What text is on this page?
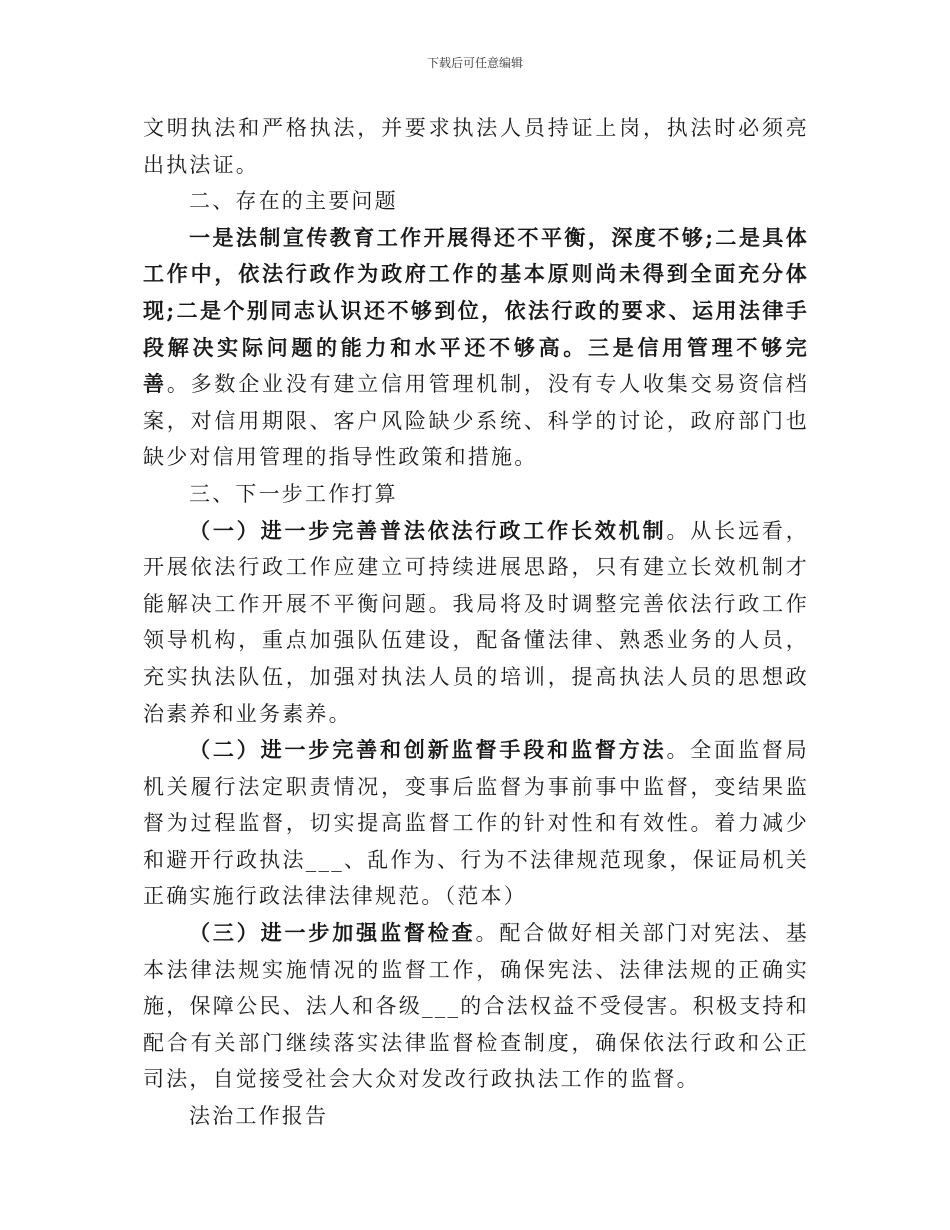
下载后可任意编辑

文明执法和严格执法，并要求执法人员持证上岗，执法时必须亮出执法证。

二、存在的主要问题

一是法制宣传教育工作开展得还不平衡，深度不够;二是具体工作中，依法行政作为政府工作的基本原则尚未得到全面充分体现;二是个别同志认识还不够到位，依法行政的要求、运用法律手段解决实际问题的能力和水平还不够高。三是信用管理不够完善。多数企业没有建立信用管理机制，没有专人收集交易资信档案，对信用期限、客户风险缺少系统、科学的讨论，政府部门也缺少对信用管理的指导性政策和措施。

三、下一步工作打算

（一）进一步完善普法依法行政工作长效机制。从长远看，开展依法行政工作应建立可持续进展思路，只有建立长效机制才能解决工作开展不平衡问题。我局将及时调整完善依法行政工作领导机构，重点加强队伍建设，配备懂法律、熟悉业务的人员，充实执法队伍，加强对执法人员的培训，提高执法人员的思想政治素养和业务素养。

（二）进一步完善和创新监督手段和监督方法。全面监督局机关履行法定职责情况，变事后监督为事前事中监督，变结果监督为过程监督，切实提高监督工作的针对性和有效性。着力减少和避开行政执法___、乱作为、行为不法律规范现象，保证局机关正确实施行政法律法律规范。（范本）

（三）进一步加强监督检查。配合做好相关部门对宪法、基本法律法规实施情况的监督工作，确保宪法、法律法规的正确实施，保障公民、法人和各级___的合法权益不受侵害。积极支持和配合有关部门继续落实法律监督检查制度，确保依法行政和公正司法，自觉接受社会大众对发改行政执法工作的监督。

法治工作报告
